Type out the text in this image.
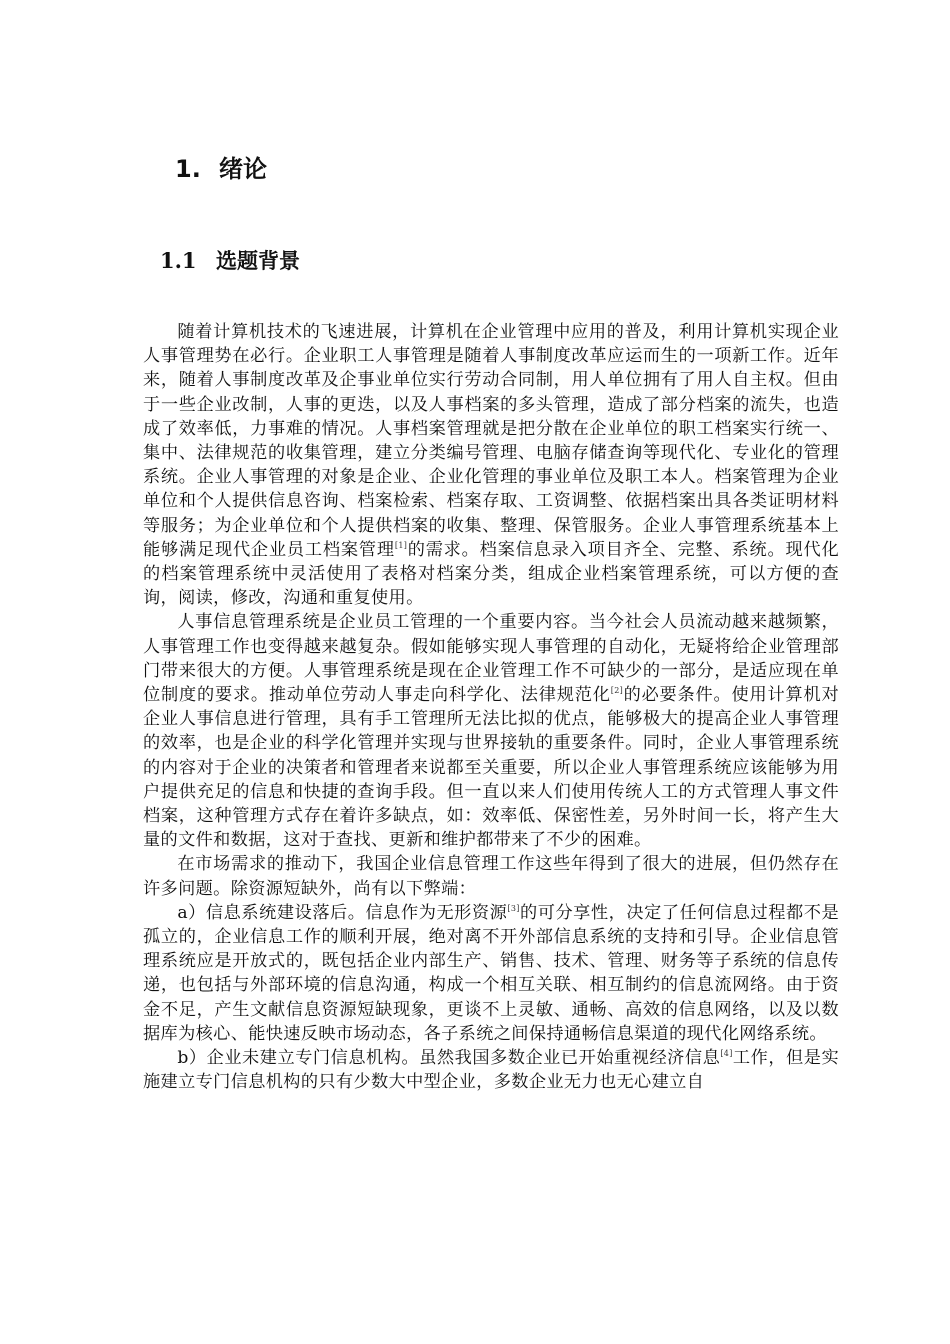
1. 绪论
1.1 选题背景

随着计算机技术的飞速进展，计算机在企业管理中应用的普及，利用计算机实现企业人事管理势在必行。企业职工人事管理是随着人事制度改革应运而生的一项新工作。近年来，随着人事制度改革及企事业单位实行劳动合同制，用人单位拥有了用人自主权。但由于一些企业改制，人事的更迭，以及人事档案的多头管理，造成了部分档案的流失，也造成了效率低，力事难的情况。人事档案管理就是把分散在企业单位的职工档案实行统一、集中、法律规范的收集管理，建立分类编号管理、电脑存储查询等现代化、专业化的管理系统。企业人事管理的对象是企业、企业化管理的事业单位及职工本人。档案管理为企业单位和个人提供信息咨询、档案检索、档案存取、工资调整、依据档案出具各类证明材料等服务；为企业单位和个人提供档案的收集、整理、保管服务。企业人事管理系统基本上能够满足现代企业员工档案管理[1]的需求。档案信息录入项目齐全、完整、系统。现代化的档案管理系统中灵活使用了表格对档案分类，组成企业档案管理系统，可以方便的查询，阅读，修改，沟通和重复使用。

人事信息管理系统是企业员工管理的一个重要内容。当今社会人员流动越来越频繁，人事管理工作也变得越来越复杂。假如能够实现人事管理的自动化，无疑将给企业管理部门带来很大的方便。人事管理系统是现在企业管理工作不可缺少的一部分，是适应现在单位制度的要求。推动单位劳动人事走向科学化、法律规范化[2]的必要条件。使用计算机对企业人事信息进行管理，具有手工管理所无法比拟的优点，能够极大的提高企业人事管理的效率，也是企业的科学化管理并实现与世界接轨的重要条件。同时，企业人事管理系统的内容对于企业的决策者和管理者来说都至关重要，所以企业人事管理系统应该能够为用户提供充足的信息和快捷的查询手段。但一直以来人们使用传统人工的方式管理人事文件档案，这种管理方式存在着许多缺点，如：效率低、保密性差，另外时间一长，将产生大量的文件和数据，这对于查找、更新和维护都带来了不少的困难。

在市场需求的推动下，我国企业信息管理工作这些年得到了很大的进展，但仍然存在许多问题。除资源短缺外，尚有以下弊端：

a）信息系统建设落后。信息作为无形资源[3]的可分享性，决定了任何信息过程都不是孤立的，企业信息工作的顺利开展，绝对离不开外部信息系统的支持和引导。企业信息管理系统应是开放式的，既包括企业内部生产、销售、技术、管理、财务等子系统的信息传递，也包括与外部环境的信息沟通，构成一个相互关联、相互制约的信息流网络。由于资金不足，产生文献信息资源短缺现象，更谈不上灵敏、通畅、高效的信息网络，以及以数据库为核心、能快速反映市场动态，各子系统之间保持通畅信息渠道的现代化网络系统。

b）企业未建立专门信息机构。虽然我国多数企业已开始重视经济信息[4]工作，但是实施建立专门信息机构的只有少数大中型企业，多数企业无力也无心建立自
